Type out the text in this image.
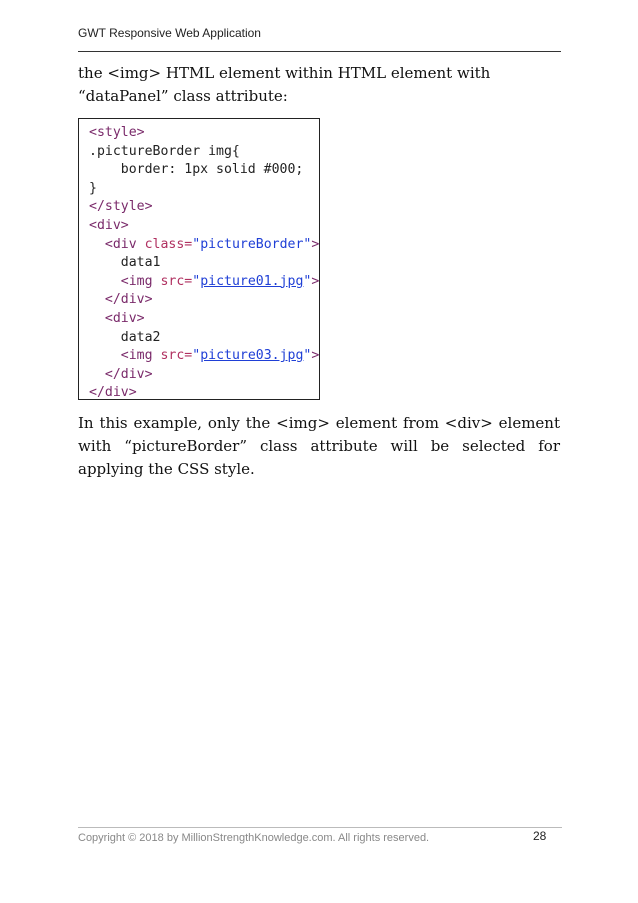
GWT Responsive Web Application
the <img> HTML element within HTML element with “dataPanel” class attribute:
<style>
.pictureBorder img{
border: 1px solid #000;
}
</style>
<div>
<div class="pictureBorder">
data1
<img src="picture01.jpg">
</div>
<div>
data2
<img src="picture03.jpg">
</div>
</div>
In this example, only the <img> element from <div> element with “pictureBorder” class attribute will be selected for applying the CSS style.
Copyright © 2018 by MillionStrengthKnowledge.com. All rights reserved.	28
